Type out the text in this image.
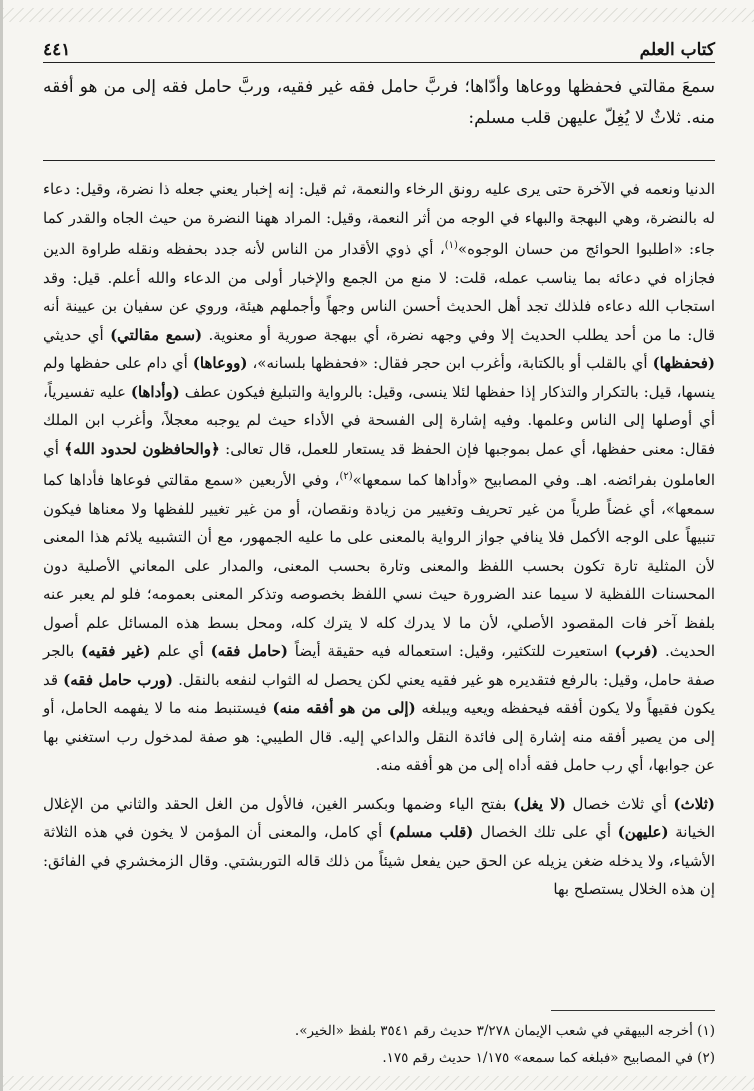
كتاب العلم
٤٤١

سمعَ مقالتي فحفظها ووعاها وأدّاها؛ فربَّ حامل فقه غير فقيه، وربَّ حامل فقه إلى من هو أفقه منه. ثلاثٌ لا يُغِلّ عليهن قلب مسلم:

الدنيا ونعمه في الآخرة حتى يرى عليه رونق الرخاء والنعمة، ثم قيل: إنه إخبار يعني جعله ذا نضرة، وقيل: دعاء له بالنضرة، وهي البهجة والبهاء في الوجه من أثر النعمة، وقيل: المراد ههنا النضرة من حيث الجاه والقدر كما جاء: «اطلبوا الحوائج من حسان الوجوه»$^{(١)}$، أي ذوي الأقدار من الناس لأنه جدد بحفظه ونقله طراوة الدين فجازاه في دعائه بما يناسب عمله، قلت: لا منع من الجمع والإخبار أولى من الدعاء والله أعلم. قيل: وقد استجاب الله دعاءه فلذلك تجد أهل الحديث أحسن الناس وجهاً وأجملهم هيئة، وروي عن سفيان بن عيينة أنه قال: ما من أحد يطلب الحديث إلا وفي وجهه نضرة، أي ببهجة صورية أو معنوية. (سمع مقالتي) أي حديثي (فحفظها) أي بالقلب أو بالكتابة، وأغرب ابن حجر فقال: «فحفظها بلسانه»، (ووعاها) أي دام على حفظها ولم ينسها، قيل: بالتكرار والتذكار إذا حفظها لئلا ينسى، وقيل: بالرواية والتبليغ فيكون عطف (وأداها) عليه تفسيرياً، أي أوصلها إلى الناس وعلمها. وفيه إشارة إلى الفسحة في الأداء حيث لم يوجبه معجلاً، وأغرب ابن الملك فقال: معنى حفظها، أي عمل بموجبها فإن الحفظ قد يستعار للعمل، قال تعالى: ﴿والحافظون لحدود الله﴾ أي العاملون بفرائضه. اهـ. وفي المصابيح «وأداها كما سمعها»$^{(٢)}$، وفي الأربعين «سمع مقالتي فوعاها فأداها كما سمعها»، أي غضاً طرياً من غير تحريف وتغيير من زيادة ونقصان، أو من غير تغيير للفظها ولا معناها فيكون تنبيهاً على الوجه الأكمل فلا ينافي جواز الرواية بالمعنى على ما عليه الجمهور، مع أن التشبيه يلائم هذا المعنى لأن المثلية تارة تكون بحسب اللفظ والمعنى وتارة بحسب المعنى، والمدار على المعاني الأصلية دون المحسنات اللفظية لا سيما عند الضرورة حيث نسي اللفظ بخصوصه وتذكر المعنى بعمومه؛ فلو لم يعبر عنه بلفظ آخر فات المقصود الأصلي، لأن ما لا يدرك كله لا يترك كله، ومحل بسط هذه المسائل علم أصول الحديث. (فرب) استعيرت للتكثير، وقيل: استعماله فيه حقيقة أيضاً (حامل فقه) أي علم (غير فقيه) بالجر صفة حامل، وقيل: بالرفع فتقديره هو غير فقيه يعني لكن يحصل له الثواب لنفعه بالنقل. (ورب حامل فقه) قد يكون فقيهاً ولا يكون أفقه فيحفظه ويعيه ويبلغه (إلى من هو أفقه منه) فيستنبط منه ما لا يفهمه الحامل، أو إلى من يصير أفقه منه إشارة إلى فائدة النقل والداعي إليه. قال الطيبي: هو صفة لمدخول رب استغني بها عن جوابها، أي رب حامل فقه أداه إلى من هو أفقه منه.

(ثلاث) أي ثلاث خصال (لا يغل) بفتح الياء وضمها وبكسر الغين، فالأول من الغل الحقد والثاني من الإغلال الخيانة (عليهن) أي على تلك الخصال (قلب مسلم) أي كامل، والمعنى أن المؤمن لا يخون في هذه الثلاثة الأشياء، ولا يدخله ضغن يزيله عن الحق حين يفعل شيئاً من ذلك قاله التوربشتي. وقال الزمخشري في الفائق: إن هذه الخلال يستصلح بها

(١) أخرجه البيهقي في شعب الإيمان ٣/٢٧٨ حديث رقم ٣٥٤١ بلفظ «الخير».
(٢) في المصابيح «فبلغه كما سمعه» ١/١٧٥ حديث رقم ١٧٥.
